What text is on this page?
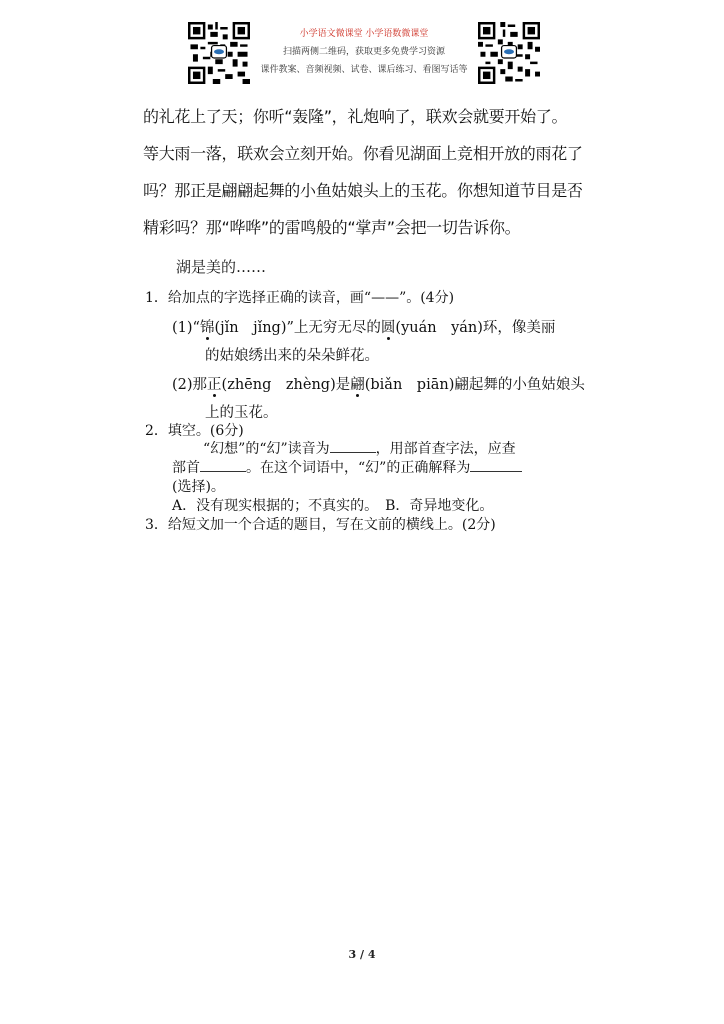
小学语文微课堂 小学语数微课堂
扫描两侧二维码，获取更多免费学习资源
课件教案、音频视频、试卷、课后练习、看图写话等
的礼花上了天；你听“轰隆”，礼炮响了，联欢会就要开始了。
等大雨一落，联欢会立刻开始。你看见湖面上竞相开放的雨花了
吗？那正是翩翩起舞的小鱼姑娘头上的玉花。你想知道节目是否
精彩吗？那“哗哗”的雷鸣般的“掌声”会把一切告诉你。
湖是美的……
1．给加点的字选择正确的读音，画“——”。(4分)
(1)“锦(jǐn　jǐng)”上无穷无尽的圆(yuán　yán)环，像美丽
的姑娘绣出来的朵朵鲜花。
(2)那正(zhēng　zhèng)是翩(biǎn　piān)翩起舞的小鱼姑娘头
上的玉花。
2．填空。(6分)
“幻想”的“幻”读音为	，用部首查字法，应查
部首	。在这个词语中，“幻”的正确解释为
(选择)。
A．没有现实根据的；不真实的。　B．奇异地变化。
3．给短文加一个合适的题目，写在文前的横线上。(2分)
3 / 4
